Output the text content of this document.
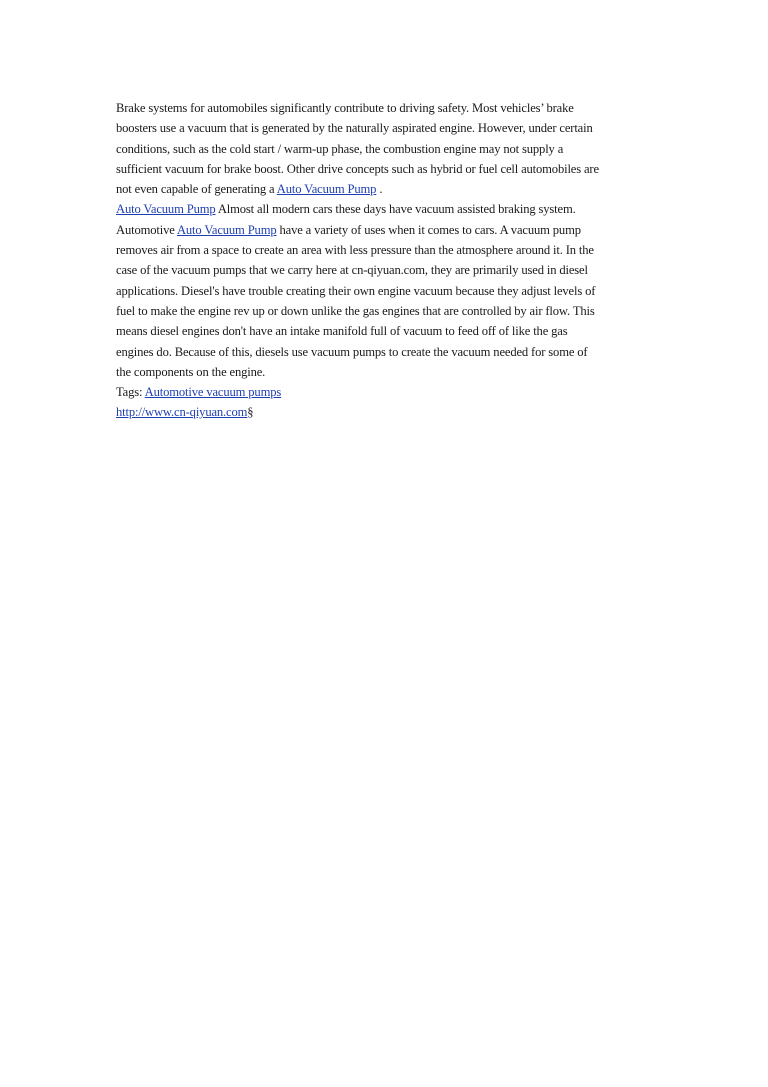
Brake systems for automobiles significantly contribute to driving safety. Most vehicles’ brake
boosters use a vacuum that is generated by the naturally aspirated engine. However, under certain
conditions, such as the cold start / warm-up phase, the combustion engine may not supply a
sufficient vacuum for brake boost. Other drive concepts such as hybrid or fuel cell automobiles are
not even capable of generating a Auto Vacuum Pump .
Auto Vacuum Pump Almost all modern cars these days have vacuum assisted braking system.
Automotive Auto Vacuum Pump have a variety of uses when it comes to cars. A vacuum pump
removes air from a space to create an area with less pressure than the atmosphere around it. In the
case of the vacuum pumps that we carry here at cn-qiyuan.com, they are primarily used in diesel
applications. Diesel's have trouble creating their own engine vacuum because they adjust levels of
fuel to make the engine rev up or down unlike the gas engines that are controlled by air flow. This
means diesel engines don't have an intake manifold full of vacuum to feed off of like the gas
engines do. Because of this, diesels use vacuum pumps to create the vacuum needed for some of
the components on the engine.
Tags: Automotive vacuum pumps
http://www.cn-qiyuan.com§
